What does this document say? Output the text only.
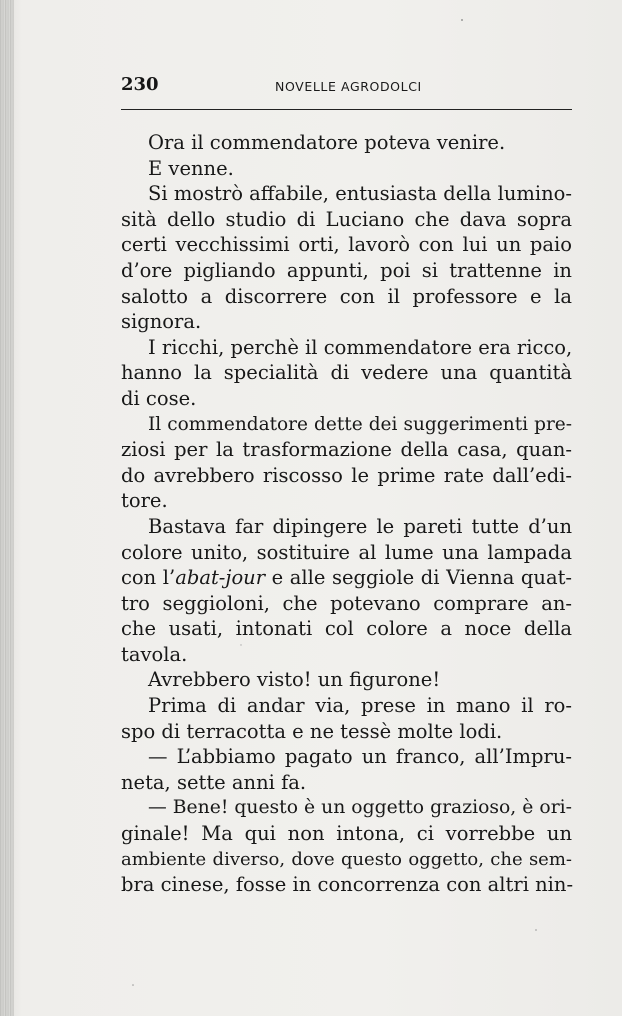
230	NOVELLE AGRODOLCI
Ora il commendatore poteva venire.
E venne.
Si mostrò affabile, entusiasta della lumino-
sità dello studio di Luciano che dava sopra
certi vecchissimi orti, lavorò con lui un paio
d’ore pigliando appunti, poi si trattenne in
salotto a discorrere con il professore e la
signora.
I ricchi, perchè il commendatore era ricco,
hanno la specialità di vedere una quantità
di cose.
Il commendatore dette dei suggerimenti pre-
ziosi per la trasformazione della casa, quan-
do avrebbero riscosso le prime rate dall’edi-
tore.
Bastava far dipingere le pareti tutte d’un
colore unito, sostituire al lume una lampada
con l’abat-jour e alle seggiole di Vienna quat-
tro seggioloni, che potevano comprare an-
che usati, intonati col colore a noce della
tavola.
Avrebbero visto! un figurone!
Prima di andar via, prese in mano il ro-
spo di terracotta e ne tessè molte lodi.
— L’abbiamo pagato un franco, all’Impru-
neta, sette anni fa.
— Bene! questo è un oggetto grazioso, è ori-
ginale! Ma qui non intona, ci vorrebbe un
ambiente diverso, dove questo oggetto, che sem-
bra cinese, fosse in concorrenza con altri nin-
